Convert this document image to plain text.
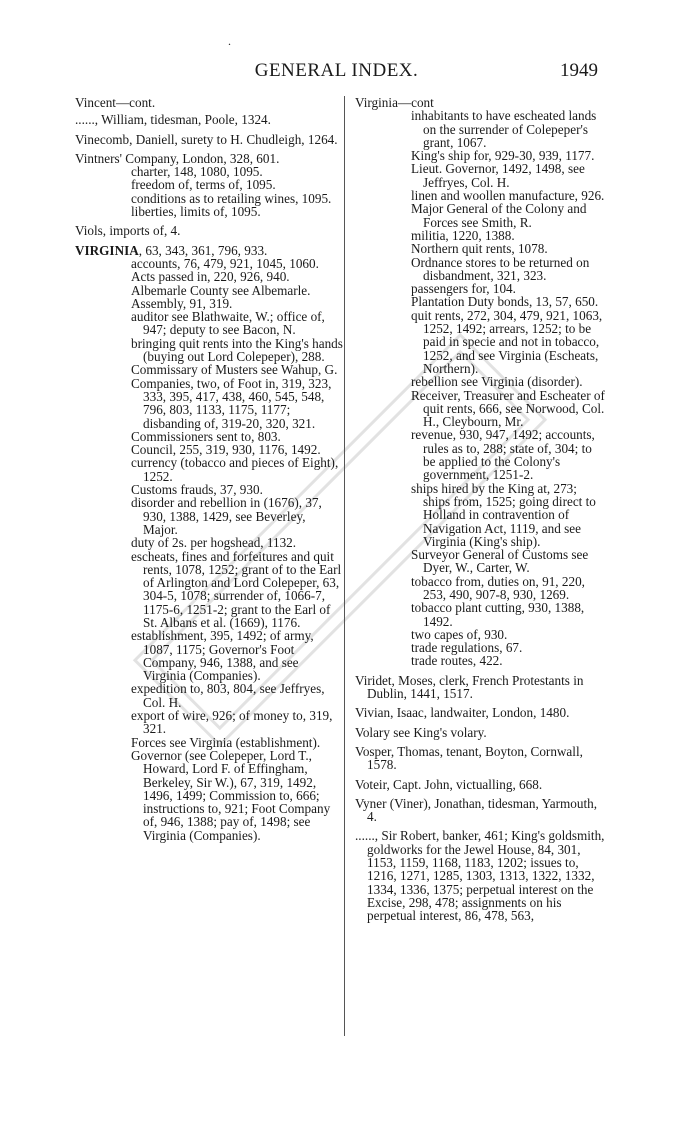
GENERAL INDEX.	1949
.
Vincent—cont.
......, William, tidesman, Poole, 1324.
Vinecomb, Daniell, surety to H. Chudleigh, 1264.
Vintners' Company, London, 328, 601.
charter, 148, 1080, 1095.
freedom of, terms of, 1095.
conditions as to retailing wines, 1095.
liberties, limits of, 1095.
Viols, imports of, 4.
VIRGINIA, 63, 343, 361, 796, 933.
accounts, 76, 479, 921, 1045, 1060.
Acts passed in, 220, 926, 940.
Albemarle County see Albemarle.
Assembly, 91, 319.
auditor see Blathwaite, W.; office of, 947; deputy to see Bacon, N.
bringing quit rents into the King's hands (buying out Lord Colepeper), 288.
Commissary of Musters see Wahup, G.
Companies, two, of Foot in, 319, 323, 333, 395, 417, 438, 460, 545, 548, 796, 803, 1133, 1175, 1177; disbanding of, 319-20, 320, 321.
Commissioners sent to, 803.
Council, 255, 319, 930, 1176, 1492.
currency (tobacco and pieces of Eight), 1252.
Customs frauds, 37, 930.
disorder and rebellion in (1676), 37, 930, 1388, 1429, see Beverley, Major.
duty of 2s. per hogshead, 1132.
escheats, fines and forfeitures and quit rents, 1078, 1252; grant of to the Earl of Arlington and Lord Colepeper, 63, 304-5, 1078; surrender of, 1066-7, 1175-6, 1251-2; grant to the Earl of St. Albans et al. (1669), 1176.
establishment, 395, 1492; of army, 1087, 1175; Governor's Foot Company, 946, 1388, and see Virginia (Companies).
expedition to, 803, 804, see Jeffryes, Col. H.
export of wire, 926; of money to, 319, 321.
Forces see Virginia (establishment).
Governor (see Colepeper, Lord T., Howard, Lord F. of Effingham, Berkeley, Sir W.), 67, 319, 1492, 1496, 1499; Commission to, 666; instructions to, 921; Foot Company of, 946, 1388; pay of, 1498; see Virginia (Companies).
Virginia—cont
inhabitants to have escheated lands on the surrender of Colepeper's grant, 1067.
King's ship for, 929-30, 939, 1177.
Lieut. Governor, 1492, 1498, see Jeffryes, Col. H.
linen and woollen manufacture, 926.
Major General of the Colony and Forces see Smith, R.
militia, 1220, 1388.
Northern quit rents, 1078.
Ordnance stores to be returned on disbandment, 321, 323.
passengers for, 104.
Plantation Duty bonds, 13, 57, 650.
quit rents, 272, 304, 479, 921, 1063, 1252, 1492; arrears, 1252; to be paid in specie and not in tobacco, 1252, and see Virginia (Escheats, Northern).
rebellion see Virginia (disorder).
Receiver, Treasurer and Escheater of quit rents, 666, see Norwood, Col. H., Cleybourn, Mr.
revenue, 930, 947, 1492; accounts, rules as to, 288; state of, 304; to be applied to the Colony's government, 1251-2.
ships hired by the King at, 273; ships from, 1525; going direct to Holland in contravention of Navigation Act, 1119, and see Virginia (King's ship).
Surveyor General of Customs see Dyer, W., Carter, W.
tobacco from, duties on, 91, 220, 253, 490, 907-8, 930, 1269.
tobacco plant cutting, 930, 1388, 1492.
two capes of, 930.
trade regulations, 67.
trade routes, 422.
Viridet, Moses, clerk, French Protestants in Dublin, 1441, 1517.
Vivian, Isaac, landwaiter, London, 1480.
Volary see King's volary.
Vosper, Thomas, tenant, Boyton, Cornwall, 1578.
Voteir, Capt. John, victualling, 668.
Vyner (Viner), Jonathan, tidesman, Yarmouth, 4.
......, Sir Robert, banker, 461; King's goldsmith, goldworks for the Jewel House, 84, 301, 1153, 1159, 1168, 1183, 1202; issues to, 1216, 1271, 1285, 1303, 1313, 1322, 1332, 1334, 1336, 1375; perpetual interest on the Excise, 298, 478; assignments on his perpetual interest, 86, 478, 563,
